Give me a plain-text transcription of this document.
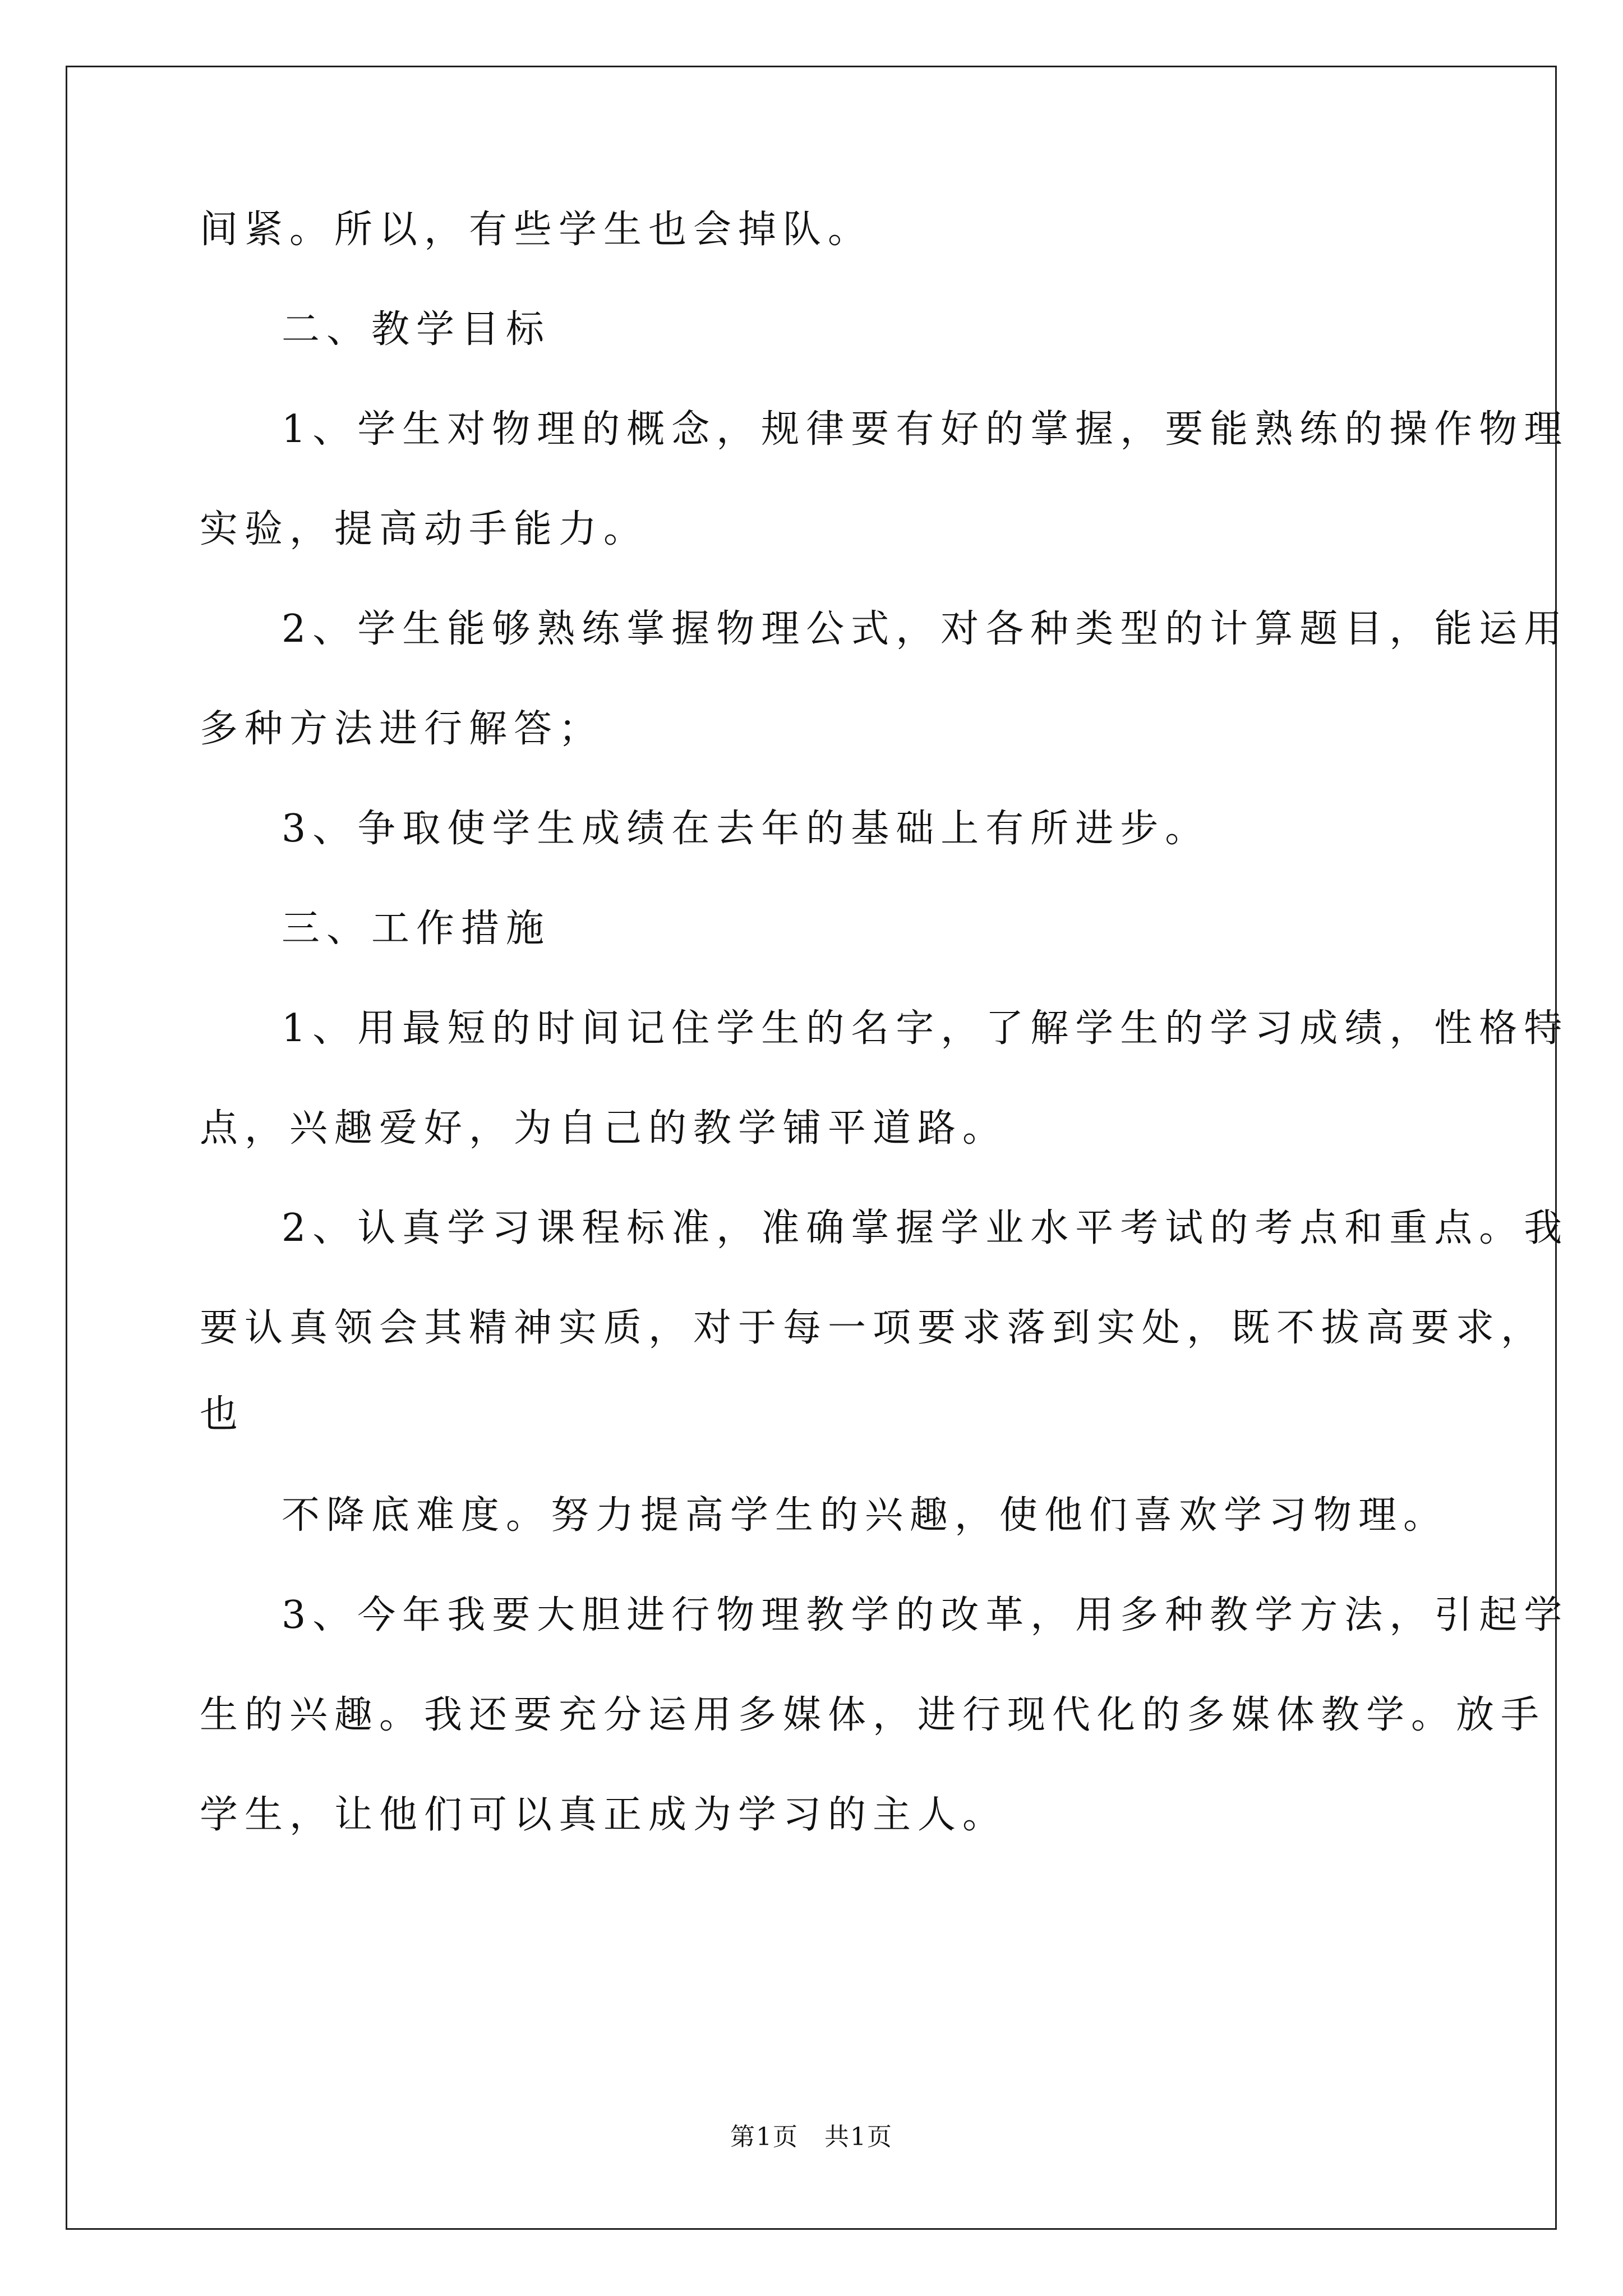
间紧。所以，有些学生也会掉队。
二、教学目标
1、学生对物理的概念，规律要有好的掌握，要能熟练的操作物理
实验，提高动手能力。
2、学生能够熟练掌握物理公式，对各种类型的计算题目，能运用
多种方法进行解答；
3、争取使学生成绩在去年的基础上有所进步。
三、工作措施
1、用最短的时间记住学生的名字，了解学生的学习成绩，性格特
点，兴趣爱好，为自己的教学铺平道路。
2、认真学习课程标准，准确掌握学业水平考试的考点和重点。我
要认真领会其精神实质，对于每一项要求落到实处，既不拔高要求，
也
不降底难度。努力提高学生的兴趣，使他们喜欢学习物理。
3、今年我要大胆进行物理教学的改革，用多种教学方法，引起学
生的兴趣。我还要充分运用多媒体，进行现代化的多媒体教学。放手
学生，让他们可以真正成为学习的主人。
第1页　共1页
